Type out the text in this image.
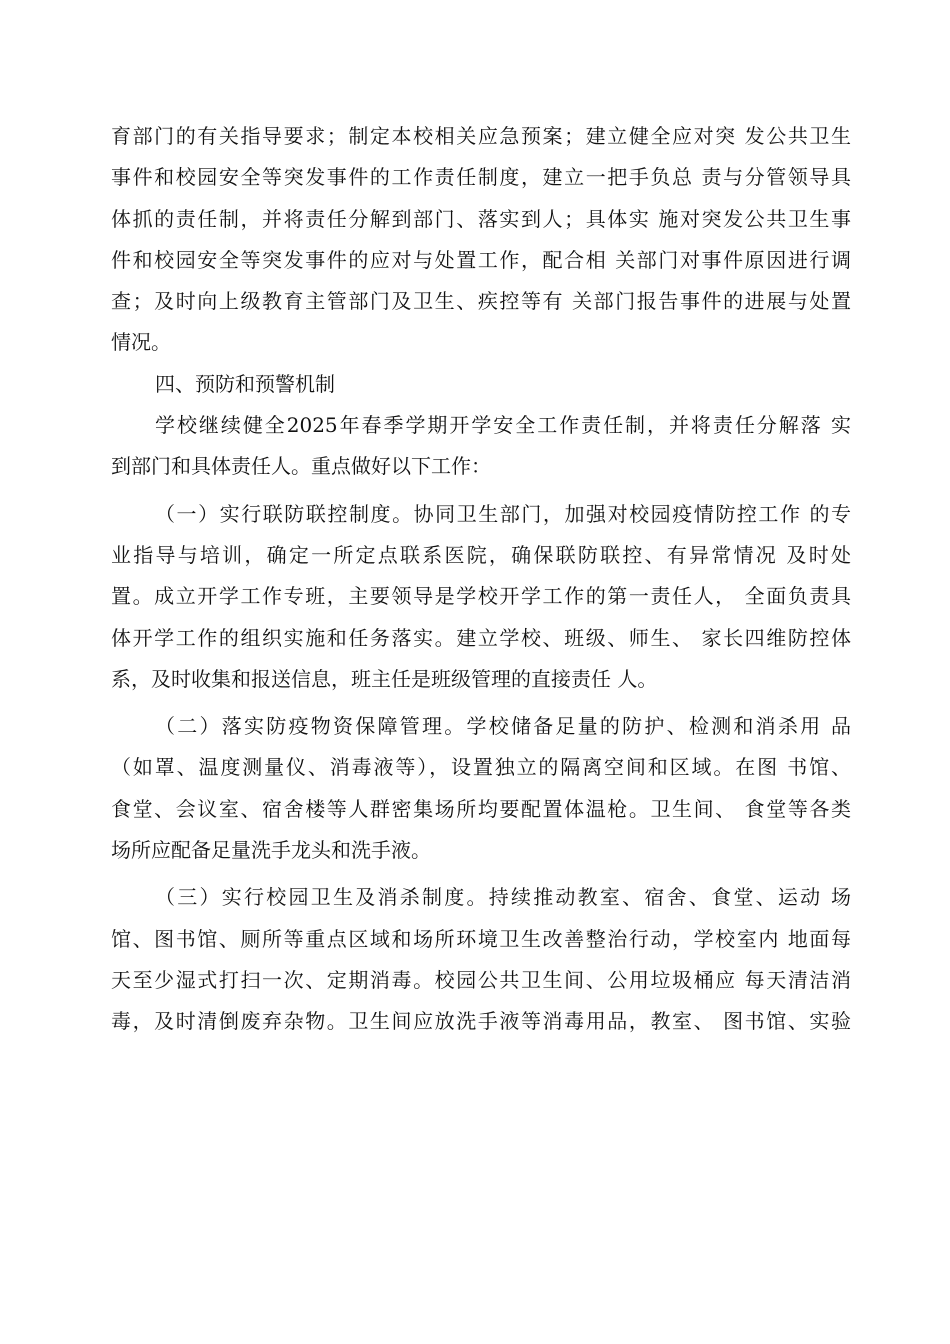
育部门的有关指导要求；制定本校相关应急预案；建立健全应对突 发公共卫生
事件和校园安全等突发事件的工作责任制度，建立一把手负总 责与分管领导具
体抓的责任制，并将责任分解到部门、落实到人；具体实 施对突发公共卫生事
件和校园安全等突发事件的应对与处置工作，配合相 关部门对事件原因进行调
查；及时向上级教育主管部门及卫生、疾控等有 关部门报告事件的进展与处置
情况。
四、预防和预警机制
学校继续健全2025年春季学期开学安全工作责任制，并将责任分解落 实
到部门和具体责任人。重点做好以下工作：
（一）实行联防联控制度。协同卫生部门，加强对校园疫情防控工作 的专
业指导与培训，确定一所定点联系医院，确保联防联控、有异常情况 及时处
置。成立开学工作专班，主要领导是学校开学工作的第一责任人， 全面负责具
体开学工作的组织实施和任务落实。建立学校、班级、师生、 家长四维防控体
系，及时收集和报送信息，班主任是班级管理的直接责任 人。
（二）落实防疫物资保障管理。学校储备足量的防护、检测和消杀用 品
（如罩、温度测量仪、消毒液等），设置独立的隔离空间和区域。在图 书馆、
食堂、会议室、宿舍楼等人群密集场所均要配置体温枪。卫生间、 食堂等各类
场所应配备足量洗手龙头和洗手液。
（三）实行校园卫生及消杀制度。持续推动教室、宿舍、食堂、运动 场
馆、图书馆、厕所等重点区域和场所环境卫生改善整治行动，学校室内 地面每
天至少湿式打扫一次、定期消毒。校园公共卫生间、公用垃圾桶应 每天清洁消
毒，及时清倒废弃杂物。卫生间应放洗手液等消毒用品，教室、 图书馆、实验
